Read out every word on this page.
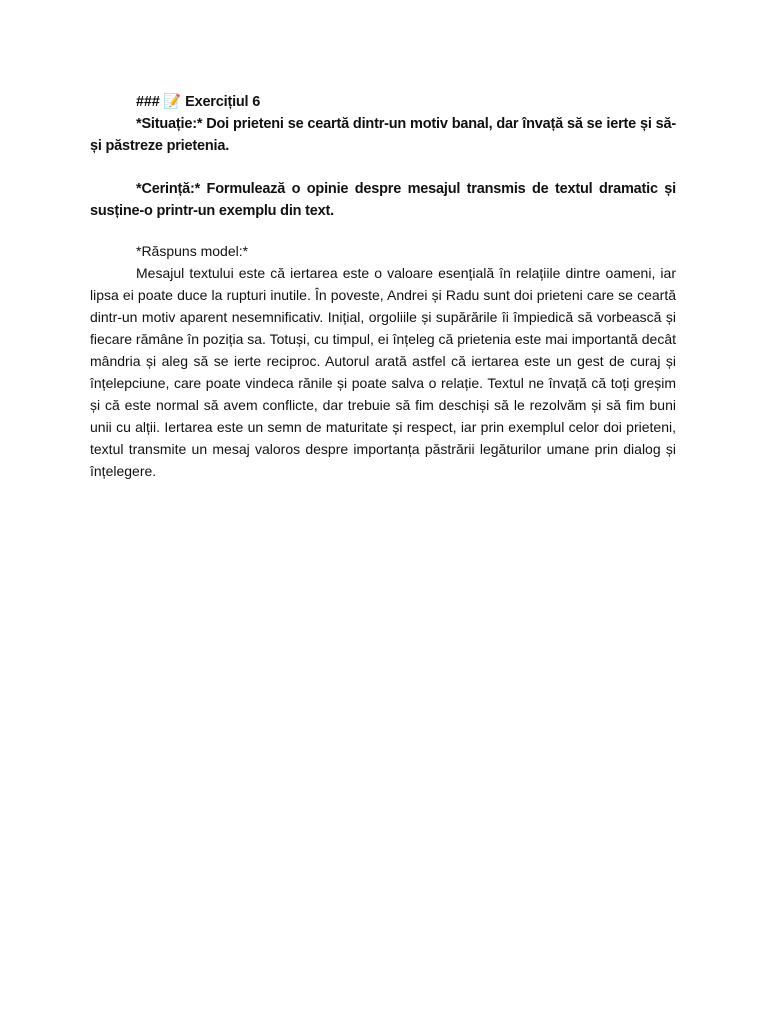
### 📝 Exercițiul 6

*Situație:* Doi prieteni se ceartă dintr-un motiv banal, dar învață să se ierte și să-și păstreze prietenia.

*Cerință:* Formulează o opinie despre mesajul transmis de textul dramatic și susține-o printr-un exemplu din text.

*Răspuns model:*

Mesajul textului este că iertarea este o valoare esențială în relațiile dintre oameni, iar lipsa ei poate duce la rupturi inutile. În poveste, Andrei și Radu sunt doi prieteni care se ceartă dintr-un motiv aparent nesemnificativ. Inițial, orgoliile și supărările îi împiedică să vorbească și fiecare rămâne în poziția sa. Totuși, cu timpul, ei înțeleg că prietenia este mai importantă decât mândria și aleg să se ierte reciproc. Autorul arată astfel că iertarea este un gest de curaj și înțelepciune, care poate vindeca rănile și poate salva o relație. Textul ne învață că toți greșim și că este normal să avem conflicte, dar trebuie să fim deschiși să le rezolvăm și să fim buni unii cu alții. Iertarea este un semn de maturitate și respect, iar prin exemplul celor doi prieteni, textul transmite un mesaj valoros despre importanța păstrării legăturilor umane prin dialog și înțelegere.
